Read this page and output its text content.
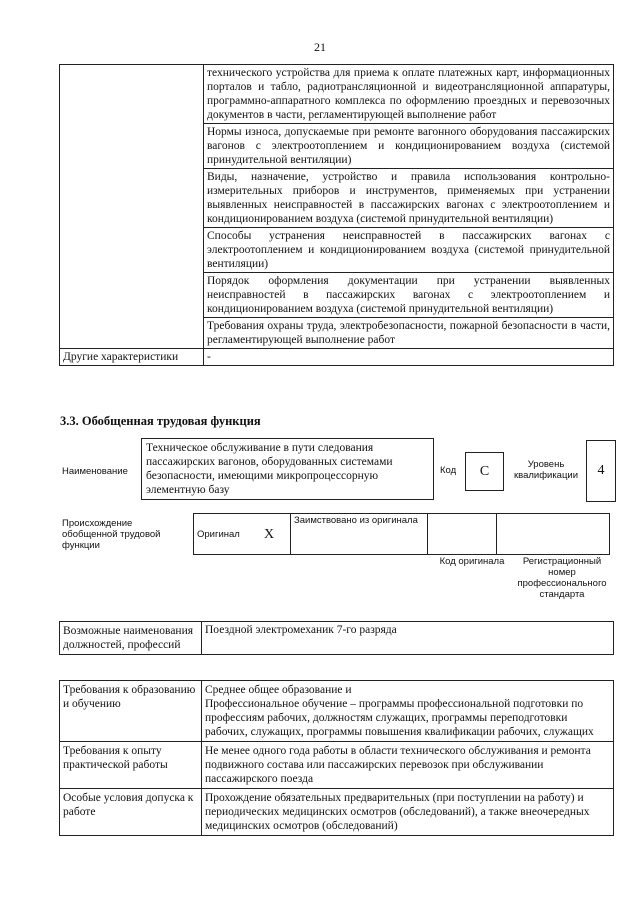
21
	технического устройства для приема к оплате платежных карт, информационных порталов и табло, радиотрансляционной и видеотрансляционной аппаратуры, программно-аппаратного комплекса по оформлению проездных и перевозочных документов в части, регламентирующей выполнение работ
	Нормы износа, допускаемые при ремонте вагонного оборудования пассажирских вагонов с электроотоплением и кондиционированием воздуха (системой принудительной вентиляции)
	Виды, назначение, устройство и правила использования контрольно-измерительных приборов и инструментов, применяемых при устранении выявленных неисправностей в пассажирских вагонах с электроотоплением и кондиционированием воздуха (системой принудительной вентиляции)
	Способы устранения неисправностей в пассажирских вагонах с электроотоплением и кондиционированием воздуха (системой принудительной вентиляции)
	Порядок оформления документации при устранении выявленных неисправностей в пассажирских вагонах с электроотоплением и кондиционированием воздуха (системой принудительной вентиляции)
	Требования охраны труда, электробезопасности, пожарной безопасности в части, регламентирующей выполнение работ
Другие характеристики	-
3.3. Обобщенная трудовая функция
Наименование
Техническое обслуживание в пути следования пассажирских вагонов, оборудованных системами безопасности, имеющими микропроцессорную элементную базу
Код	C	Уровень квалификации	4
Происхождение обобщенной трудовой функции
Оригинал	X	Заимствовано из оригинала		
Код оригинала	Регистрационный номер профессионального стандарта
Возможные наименования должностей, профессий	Поездной электромеханик 7-го разряда
Требования к образованию и обучению	Среднее общее образование и
Профессиональное обучение – программы профессиональной подготовки по профессиям рабочих, должностям служащих, программы переподготовки рабочих, служащих, программы повышения квалификации рабочих, служащих

Требования к опыту практической работы	Не менее одного года работы в области технического обслуживания и ремонта подвижного состава или пассажирских перевозок при обслуживании пассажирского поезда
Особые условия допуска к работе	Прохождение обязательных предварительных (при поступлении на работу) и периодических медицинских осмотров (обследований), а также внеочередных медицинских осмотров (обследований)
